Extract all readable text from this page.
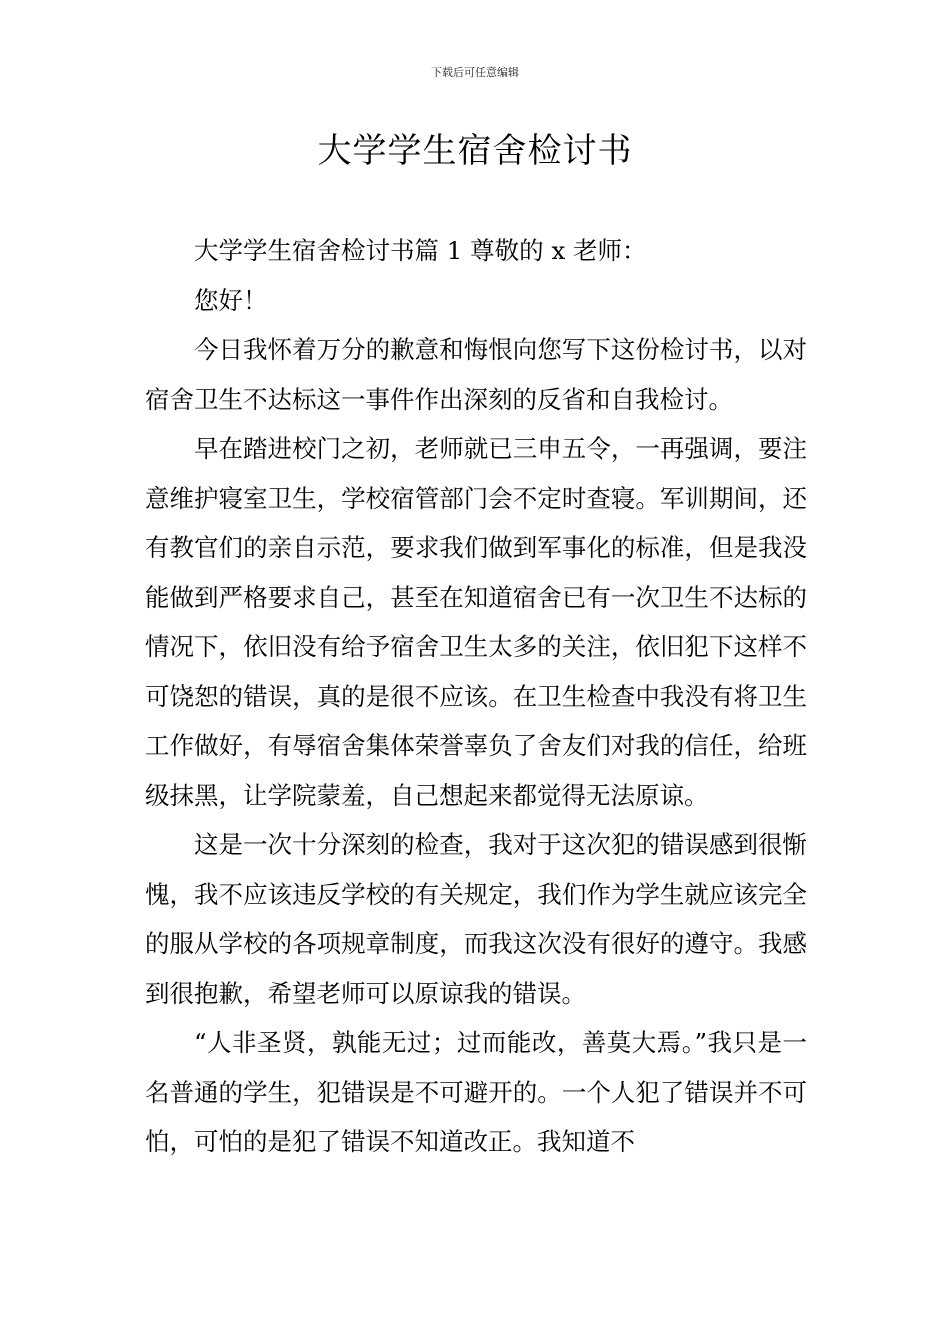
下载后可任意编辑
大学学生宿舍检讨书

大学学生宿舍检讨书篇 1 尊敬的 x 老师：

您好！

今日我怀着万分的歉意和悔恨向您写下这份检讨书，以对宿舍卫生不达标这一事件作出深刻的反省和自我检讨。

早在踏进校门之初，老师就已三申五令，一再强调，要注意维护寝室卫生，学校宿管部门会不定时查寝。军训期间，还有教官们的亲自示范，要求我们做到军事化的标准，但是我没能做到严格要求自己，甚至在知道宿舍已有一次卫生不达标的情况下，依旧没有给予宿舍卫生太多的关注，依旧犯下这样不可饶恕的错误，真的是很不应该。在卫生检查中我没有将卫生工作做好，有辱宿舍集体荣誉辜负了舍友们对我的信任，给班级抹黑，让学院蒙羞，自己想起来都觉得无法原谅。

这是一次十分深刻的检查，我对于这次犯的错误感到很惭愧，我不应该违反学校的有关规定，我们作为学生就应该完全的服从学校的各项规章制度，而我这次没有很好的遵守。我感到很抱歉，希望老师可以原谅我的错误。

“人非圣贤，孰能无过；过而能改，善莫大焉。”我只是一名普通的学生，犯错误是不可避开的。一个人犯了错误并不可怕，可怕的是犯了错误不知道改正。我知道不
